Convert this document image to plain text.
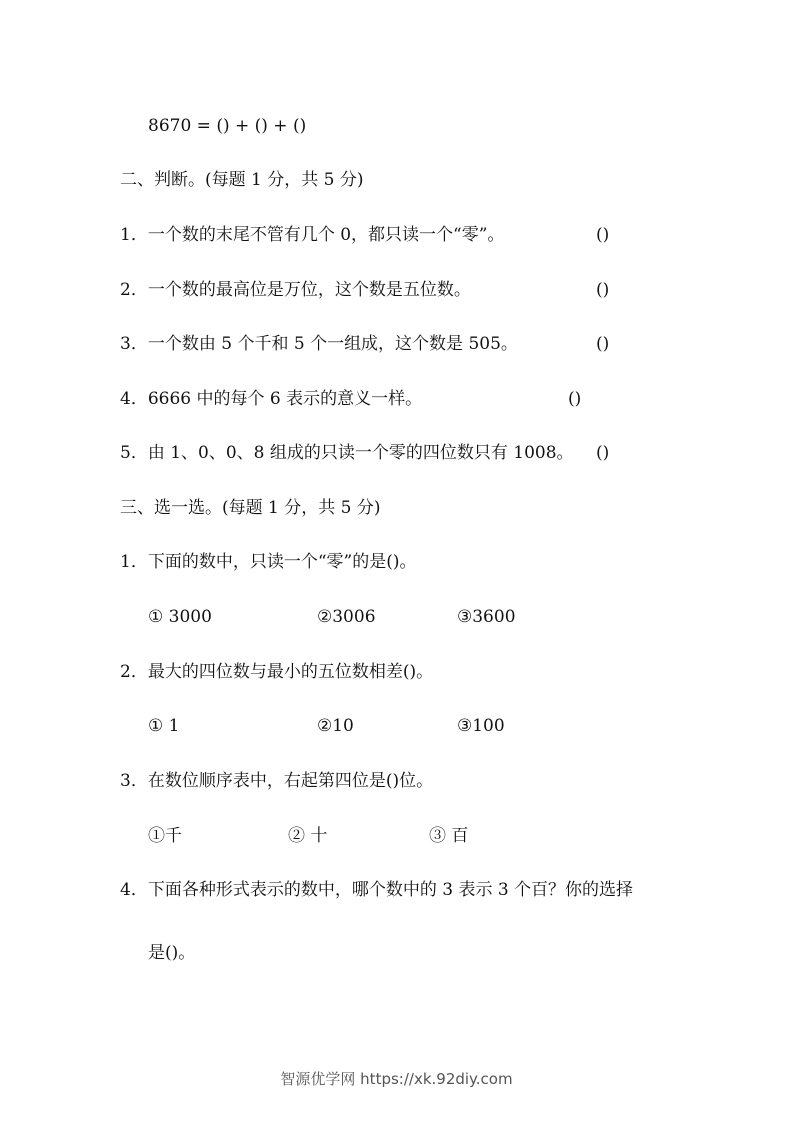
8670 = () + () + ()
二、判断。(每题 1 分，共 5 分)
1．一个数的末尾不管有几个 0，都只读一个“零”。	()
2．一个数的最高位是万位，这个数是五位数。	()
3．一个数由 5 个千和 5 个一组成，这个数是 505。	()
4．6666 中的每个 6 表示的意义一样。	()
5．由 1、0、0、8 组成的只读一个零的四位数只有 1008。 ()
三、选一选。(每题 1 分，共 5 分)
1．下面的数中，只读一个“零”的是()。
① 3000	②3006	③3600
2．最大的四位数与最小的五位数相差()。
① 1	②10	③100
3．在数位顺序表中，右起第四位是()位。
①千	② 十	③ 百
4．下面各种形式表示的数中，哪个数中的 3 表示 3 个百？你的选择
是()。
智源优学网 https://xk.92diy.com
